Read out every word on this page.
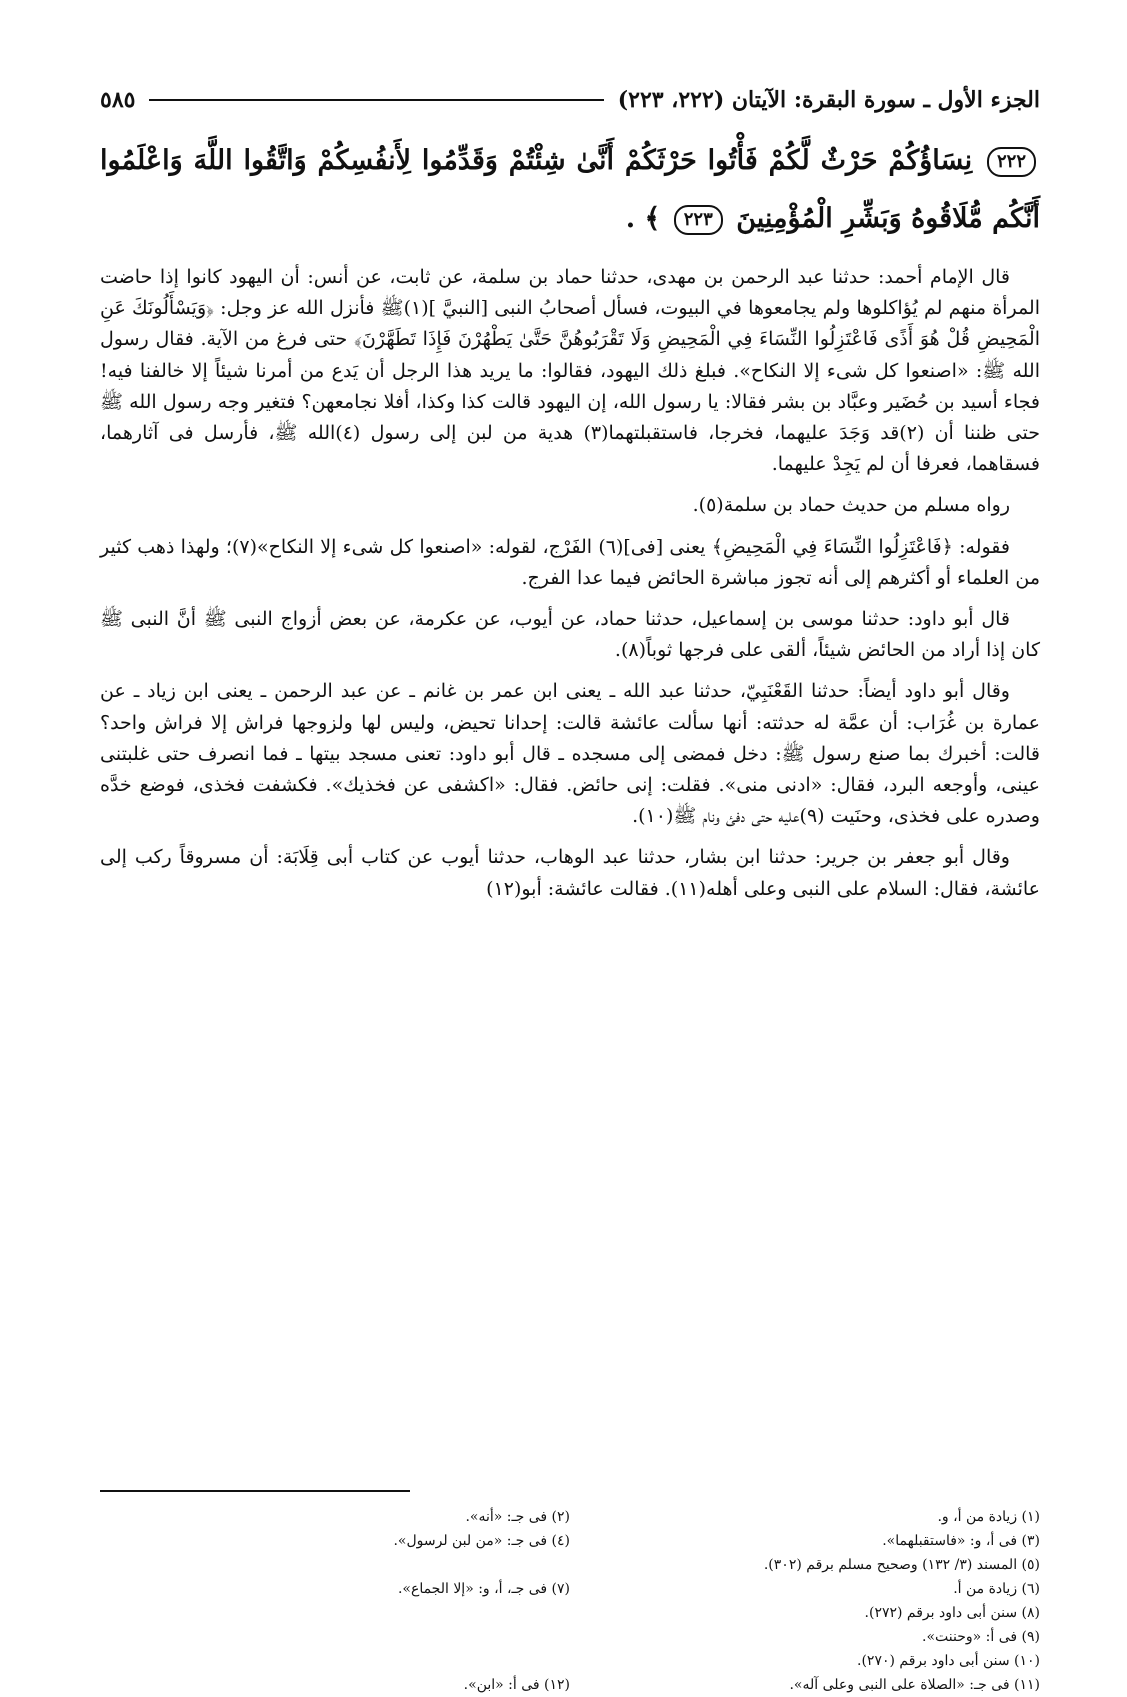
الجزء الأول ـ سورة البقرة: الآيتان (٢٢٢، ٢٢٣)
٥٨٥
٢٢٢ نِسَاؤُكُمْ حَرْثٌ لَّكُمْ فَأْتُوا حَرْثَكُمْ أَنَّىٰ شِئْتُمْ وَقَدِّمُوا لِأَنفُسِكُمْ وَاتَّقُوا اللَّهَ وَاعْلَمُوا أَنَّكُم مُّلَاقُوهُ وَبَشِّرِ الْمُؤْمِنِينَ ٢٢٣ ﴾ .

قال الإمام أحمد: حدثنا عبد الرحمن بن مهدى، حدثنا حماد بن سلمة، عن ثابت، عن أنس: أن اليهود كانوا إذا حاضت المرأة منهم لم يُؤاكلوها ولم يجامعوها في البيوت، فسأل أصحابُ النبى [النبيَّ ](١)ﷺ فأنزل الله عز وجل: ﴿وَيَسْأَلُونَكَ عَنِ الْمَحِيضِ قُلْ هُوَ أَذًى فَاعْتَزِلُوا النِّسَاءَ فِي الْمَحِيضِ وَلَا تَقْرَبُوهُنَّ حَتَّىٰ يَطْهُرْنَ فَإِذَا تَطَهَّرْنَ﴾ حتى فرغ من الآية. فقال رسول الله ﷺ: «اصنعوا كل شىء إلا النكاح». فبلغ ذلك اليهود، فقالوا: ما يريد هذا الرجل أن يَدع من أمرنا شيئاً إلا خالفنا فيه! فجاء أسيد بن حُضَير وعبَّاد بن بشر فقالا: يا رسول الله، إن اليهود قالت كذا وكذا، أفلا نجامعهن؟ فتغير وجه رسول الله ﷺ حتى ظننا أن (٢)قد وَجَدَ عليهما، فخرجا، فاستقبلتهما(٣) هدية من لبن إلى رسول (٤)الله ﷺ، فأرسل فى آثارهما، فسقاهما، فعرفا أن لم يَجِدْ عليهما.

رواه مسلم من حديث حماد بن سلمة(٥).

فقوله: ﴿فَاعْتَزِلُوا النِّسَاءَ فِي الْمَحِيضِ﴾ يعنى [فى](٦) الفَرْج، لقوله: «اصنعوا كل شىء إلا النكاح»(٧)؛ ولهذا ذهب كثير من العلماء أو أكثرهم إلى أنه تجوز مباشرة الحائض فيما عدا الفرج.

قال أبو داود: حدثنا موسى بن إسماعيل، حدثنا حماد، عن أيوب، عن عكرمة، عن بعض أزواج النبى ﷺ أنَّ النبى ﷺ كان إذا أراد من الحائض شيئاً، ألقى على فرجها ثوباً(٨).

وقال أبو داود أيضاً: حدثنا القَعْنَبِيّ، حدثنا عبد الله ـ يعنى ابن عمر بن غانم ـ عن عبد الرحمن ـ يعنى ابن زياد ـ عن عمارة بن غُرَاب: أن عمَّة له حدثته: أنها سألت عائشة قالت: إحدانا تحيض، وليس لها ولزوجها فراش إلا فراش واحد؟ قالت: أخبرك بما صنع رسول ﷺ: دخل فمضى إلى مسجده ـ قال أبو داود: تعنى مسجد بيتها ـ فما انصرف حتى غلبتنى عينى، وأوجعه البرد، فقال: «ادنى منى». فقلت: إنى حائض. فقال: «اكشفى عن فخذيك». فكشفت فخذى، فوضع خدَّه وصدره على فخذى، وحنَيت (٩)عليه حتى دفئ ونام ﷺ(١٠).

وقال أبو جعفر بن جرير: حدثنا ابن بشار، حدثنا عبد الوهاب، حدثنا أيوب عن كتاب أبى قِلَابَة: أن مسروقاً ركب إلى عائشة، فقال: السلام على النبى وعلى أهله(١١). فقالت عائشة: أبو(١٢)

(١) زيادة من أ، و.
(٢) فى جـ: «أنه».
(٣) فى أ، و: «فاستقبلهما».
(٤) فى جـ: «من لبن لرسول».
(٥) المسند (٣/ ١٣٢) وصحيح مسلم برقم (٣٠٢).
(٦) زيادة من أ.
(٧) فى جـ، أ، و: «إلا الجماع».
(٨) سنن أبى داود برقم (٢٧٢).
(٩) فى أ: «وحننت».
(١٠) سنن أبى داود برقم (٢٧٠).
(١١) فى جـ: «الصلاة على النبى وعلى آله».
(١٢) فى أ: «ابن».
